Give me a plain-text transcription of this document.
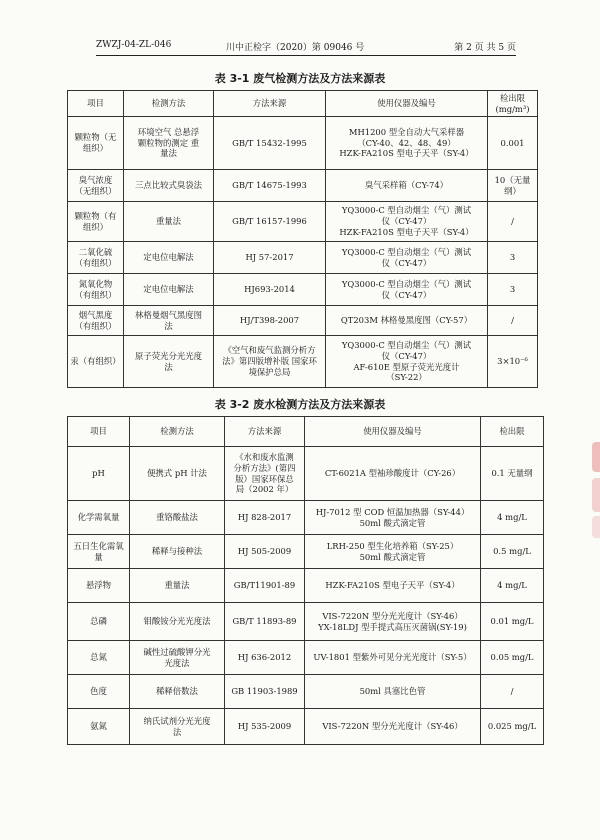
ZWZJ-04-ZL-046	川中正检字（2020）第 09046 号	第 2 页 共 5 页
表 3-1 废气检测方法及方法来源表
项目	检测方法	方法来源	使用仪器及编号	检出限
(mg/m³)
颗粒物（无
组织）	环境空气 总悬浮
颗粒物的测定 重
量法	GB/T 15432-1995	MH1200 型全自动大气采样器
（CY-40、42、48、49）
HZK-FA210S 型电子天平（SY-4）	0.001
臭气浓度
（无组织）	三点比较式臭袋法	GB/T 14675-1993	臭气采样箱（CY-74）	10（无量
纲）
颗粒物（有
组织）	重量法	GB/T 16157-1996	YQ3000-C 型自动烟尘（气）测试
仪（CY-47）
HZK-FA210S 型电子天平（SY-4）	/
二氧化硫
（有组织）	定电位电解法	HJ 57-2017	YQ3000-C 型自动烟尘（气）测试
仪（CY-47）	3
氮氧化物
（有组织）	定电位电解法	HJ693-2014	YQ3000-C 型自动烟尘（气）测试
仪（CY-47）	3
烟气黑度
（有组织）	林格曼烟气黑度图
法	HJ/T398-2007	QT203M 林格曼黑度图（CY-57）	/
汞（有组织）	原子荧光分光光度
法	《空气和废气监测分析方
法》第四版增补版 国家环
境保护总局	YQ3000-C 型自动烟尘（气）测试
仪（CY-47）
AF-610E 型原子荧光光度计
（SY-22）	3×10⁻⁶
表 3-2 废水检测方法及方法来源表
项目	检测方法	方法来源	使用仪器及编号	检出限
pH	便携式 pH 计法	《水和废水监测
分析方法》(第四
版）国家环保总
局（2002 年）	CT-6021A 型袖珍酸度计（CY-26）	0.1 无量纲
化学需氧量	重铬酸盐法	HJ 828-2017	HJ-7012 型 COD 恒温加热器（SY-44）
50ml 酸式滴定管	4 mg/L
五日生化需氧
量	稀释与接种法	HJ 505-2009	LRH-250 型生化培养箱（SY-25）
50ml 酸式滴定管	0.5 mg/L
悬浮物	重量法	GB/T11901-89	HZK-FA210S 型电子天平（SY-4）	4 mg/L
总磷	钼酸铵分光光度法	GB/T 11893-89	VIS-7220N 型分光光度计（SY-46）
YX-18LDJ 型手提式高压灭菌锅(SY-19)	0.01 mg/L
总氮	碱性过硫酸钾分光
光度法	HJ 636-2012	UV-1801 型紫外可见分光光度计（SY-5）	0.05 mg/L
色度	稀释倍数法	GB 11903-1989	50ml 具塞比色管	/
氨氮	纳氏试剂分光光度
法	HJ 535-2009	VIS-7220N 型分光光度计（SY-46）	0.025 mg/L
